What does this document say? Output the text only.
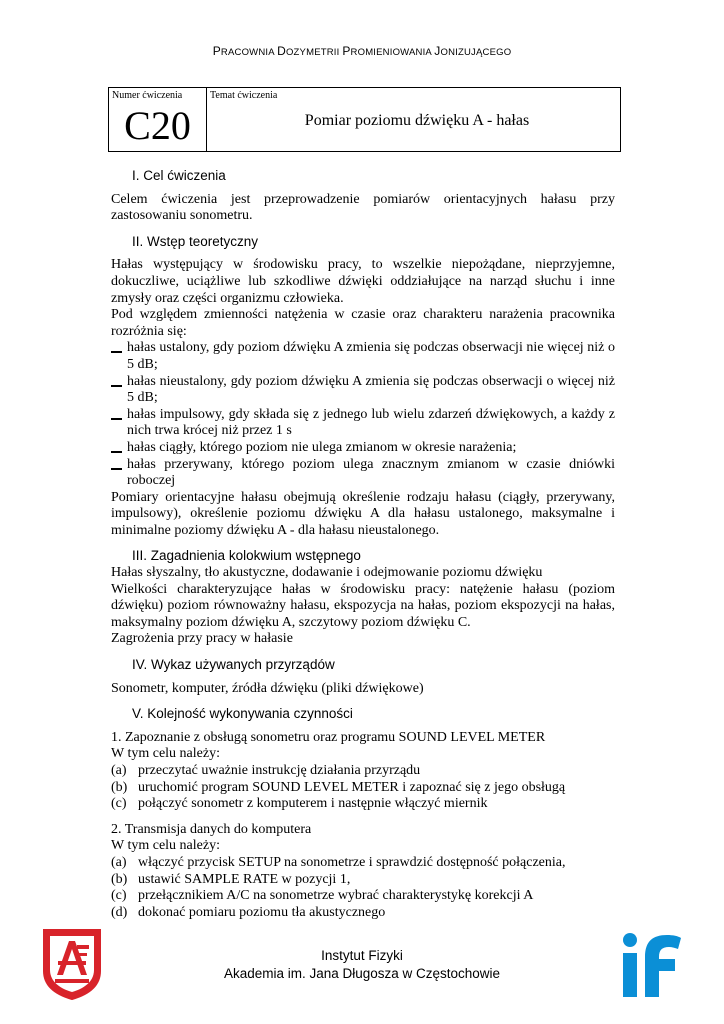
PRACOWNIA DOZYMETRII PROMIENIOWANIA JONIZUJĄCEGO
Numer ćwiczenia
C20
Temat ćwiczenia
Pomiar poziomu dźwięku A - hałas
I. Cel ćwiczenia
Celem ćwiczenia jest przeprowadzenie pomiarów orientacyjnych hałasu przy zastosowaniu sonometru.
II. Wstęp teoretyczny
Hałas występujący w środowisku pracy, to wszelkie niepożądane, nieprzyjemne, dokuczliwe, uciążliwe lub szkodliwe dźwięki oddziałujące na narząd słuchu i inne zmysły oraz części organizmu człowieka.
Pod względem zmienności natężenia w czasie oraz charakteru narażenia pracownika rozróżnia się:
hałas ustalony, gdy poziom dźwięku A zmienia się podczas obserwacji nie więcej niż o 5 dB;
hałas nieustalony, gdy poziom dźwięku A zmienia się podczas obserwacji o więcej niż 5 dB;
hałas impulsowy, gdy składa się z jednego lub wielu zdarzeń dźwiękowych, a każdy z nich trwa krócej niż przez 1 s
hałas ciągły, którego poziom nie ulega zmianom w okresie narażenia;
hałas przerywany, którego poziom ulega znacznym zmianom w czasie dniówki roboczej
Pomiary orientacyjne hałasu obejmują określenie rodzaju hałasu (ciągły, przerywany, impulsowy), określenie poziomu dźwięku A dla hałasu ustalonego, maksymalne i minimalne poziomy dźwięku A - dla hałasu nieustalonego.
III. Zagadnienia kolokwium wstępnego
Hałas słyszalny, tło akustyczne, dodawanie i odejmowanie poziomu dźwięku
Wielkości charakteryzujące hałas w środowisku pracy: natężenie hałasu (poziom dźwięku) poziom równoważny hałasu, ekspozycja na hałas, poziom ekspozycji na hałas, maksymalny poziom dźwięku A, szczytowy poziom dźwięku C.
Zagrożenia przy pracy w hałasie
IV. Wykaz używanych przyrządów
Sonometr, komputer, źródła dźwięku (pliki dźwiękowe)
V. Kolejność wykonywania czynności
1. Zapoznanie z obsługą sonometru oraz programu SOUND LEVEL METER
W tym celu należy:
(a) przeczytać uważnie instrukcję działania przyrządu
(b) uruchomić program SOUND LEVEL METER i zapoznać się z jego obsługą
(c) połączyć sonometr z komputerem i następnie włączyć miernik
2. Transmisja danych do komputera
W tym celu należy:
(a) włączyć przycisk SETUP na sonometrze i sprawdzić dostępność połączenia,
(b) ustawić SAMPLE RATE w pozycji 1,
(c) przełącznikiem A/C na sonometrze wybrać charakterystykę korekcji A
(d) dokonać pomiaru poziomu tła akustycznego
Instytut Fizyki
Akademia im. Jana Długosza w Częstochowie
